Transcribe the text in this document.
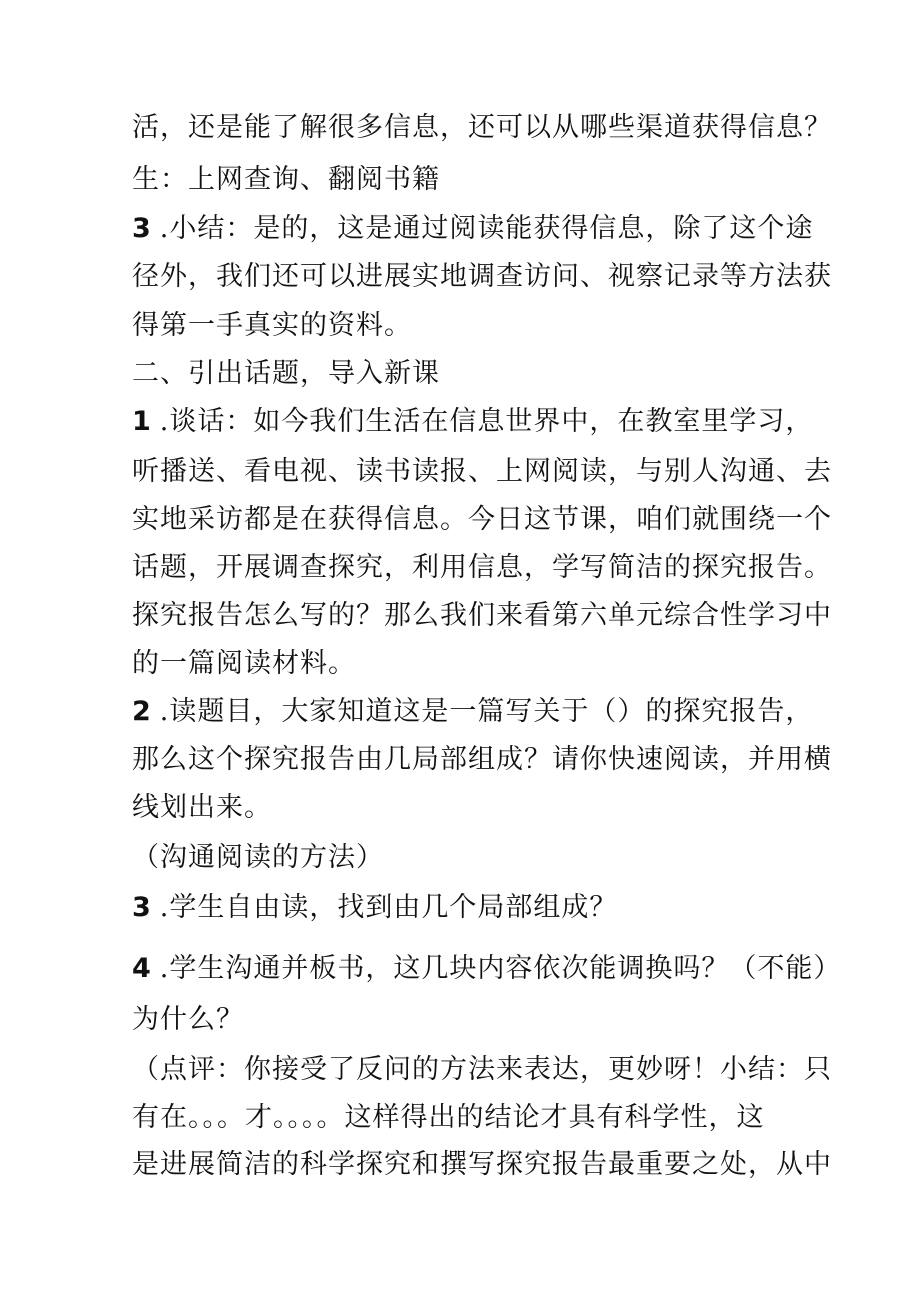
活，还是能了解很多信息，还可以从哪些渠道获得信息？
生：上网查询、翻阅书籍
3 .小结：是的，这是通过阅读能获得信息，除了这个途
径外，我们还可以进展实地调查访问、视察记录等方法获
得第一手真实的资料。
二、引出话题，导入新课
1 .谈话：如今我们生活在信息世界中，在教室里学习，
听播送、看电视、读书读报、上网阅读，与别人沟通、去
实地采访都是在获得信息。今日这节课，咱们就围绕一个
话题，开展调查探究，利用信息，学写简洁的探究报告。
探究报告怎么写的？那么我们来看第六单元综合性学习中
的一篇阅读材料。
2 .读题目，大家知道这是一篇写关于（）的探究报告，
那么这个探究报告由几局部组成？请你快速阅读，并用横
线划出来。
（沟通阅读的方法）
3 .学生自由读，找到由几个局部组成？
4 .学生沟通并板书，这几块内容依次能调换吗？（不能）
为什么？
（点评：你接受了反问的方法来表达，更妙呀！小结：只
有在。。。才。。。。这样得出的结论才具有科学性，这
是进展简洁的科学探究和撰写探究报告最重要之处，从中
